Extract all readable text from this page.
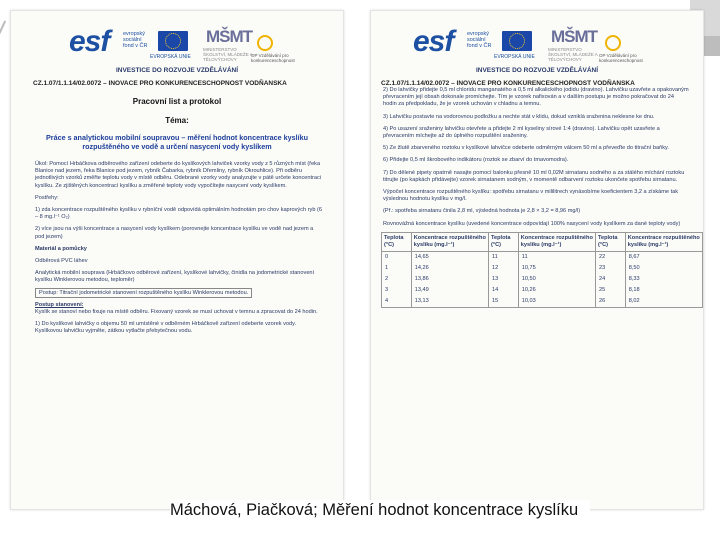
esf evropský sociální fond v ČR
EVROPSKÁ UNIE
MŠMT
MINISTERSTVO ŠKOLSTVÍ, MLÁDEŽE A TĚLOVÝCHOVY
OP Vzdělávání pro konkurenceschopnost
INVESTICE DO ROZVOJE VZDĚLÁVÁNÍ
CZ.1.07/1.1.14/02.0072 – INOVACE PRO KONKURENCESCHOPNOST VODŇANSKA
Pracovní list a protokol
Téma:
Práce s analytickou mobilní soupravou – měření hodnot koncentrace kyslíku rozpuštěného ve vodě a určení nasycení vody kyslíkem
Úkol: Pomocí Hrbáčkova odběrového zařízení odeberte do kyslíkových lahviček vzorky vody z 5 různých míst (řeka Blanice nad jezem, řeka Blanice pod jezem, rybník Čabarka, rybník Dřemliny, rybník Okrouhlice). Při odběru jednotlivých vzorků změřte teplotu vody v místě odběru. Odebrané vzorky vody analyzujte v pátě určete koncentraci kyslíku. Ze zjištěných koncentrací kyslíku a změřené teploty vody vypočítejte nasycení vody kyslíkem.
Postřehy:
1) zda koncentrace rozpuštěného kyslíku v rybníční vodě odpovídá optimálním hodnotám pro chov kaprových ryb (6 – 8 mg.l⁻¹ O₂)
2) více jsou na výši koncentrace a nasycení vody kyslíkem (porovnejte koncentrace kyslíku ve vodě nad jezem a pod jezem)
Materiál a pomůcky
Odběrová PVC láhev
Analytická mobilní souprava (Hrbáčkovo odběrové zařízení, kyslíkové lahvičky, činidla na jodometrické stanovení kyslíku Winklerovou metodou, teploměr)
Postup: Titrační jodometrické stanovení rozpuštěného kyslíku Winklerovou metodou.
Postup stanovení:
Kyslík se stanoví nebo fixuje na místě odběru. Fixovaný vzorek se musí uchovat v temnu a zpracovat do 24 hodin.
1) Do kyslíkové lahvičky o objemu 50 ml umístěné v odběrném Hrbáčkově zařízení odeberte vzorek vody. Kyslíkovou lahvičku vyjměte, zátkou vytlačte přebytečnou vodu.
esf evropský sociální fond v ČR
EVROPSKÁ UNIE
MŠMT
MINISTERSTVO ŠKOLSTVÍ, MLÁDEŽE A TĚLOVÝCHOVY
OP Vzdělávání pro konkurenceschopnost
INVESTICE DO ROZVOJE VZDĚLÁVÁNÍ
CZ.1.07/1.1.14/02.0072 – INOVACE PRO KONKURENCESCHOPNOST VODŇANSKA
2) Do lahvičky přidejte 0,5 ml chloridu manganatého a 0,5 ml alkalického jodidu (dravino). Lahvičku uzavřete a opakovaným převracením její obsah dokonale promíchejte. Tím je vzorek nafixován a v dalším postupu je možno pokračovat do 24 hodin za předpokladu, že je vzorek uchován v chladnu a temnu.
3) Lahvičku postavte na vodorovnou podložku a nechte stát v klidu, dokud vzniklá sraženina neklesne ke dnu.
4) Po usazení sraženiny lahvičku otevřete a přidejte 2 ml kyseliny sírové 1:4 (dravino). Lahvičku opět uzavřete a převracením míchejte až do úplného rozpuštění sraženiny.
5) Ze žlutě zbarveného roztoku v kyslíkové lahvičce odeberte odměrným válcem 50 ml a převeďte do titrační baňky.
6) Přidejte 0,5 ml škrobového indikátoru (roztok se zbarví do tmavomodra).
7) Do dělené pipety opatrně nasajte pomocí balonku přesně 10 ml 0,02M sirnatanu sodného a za stálého míchání roztoku titrujte (po kapkách přidávejte) vzorek sirnatanem sodným, v momentě odbarvení roztoku ukončete spotřebu sirnatanu.
Výpočet koncentrace rozpuštěného kyslíku: spotřebu sirnatanu v mililitrech vynásobíme koeficientem 3,2 a získáme tak výslednou hodnotu kyslíku v mg/l.
(Př.: spotřeba sirnatanu činila 2,8 ml, výsledná hodnota je 2,8 × 3,2 = 8,96 mg/l)
Rovnovážná koncentrace kyslíku (uvedené koncentrace odpovídají 100% nasycení vody kyslíkem za dané teploty vody)
Teplota (°C)	Koncentrace rozpuštěného kyslíku (mg.l⁻¹)	Teplota (°C)	Koncentrace rozpuštěného kyslíku (mg.l⁻¹)	Teplota (°C)	Koncentrace rozpuštěného kyslíku (mg.l⁻¹)
0	14,65	11	11	22	8,67
1	14,26	12	10,75	23	8,50
2	13,86	13	10,50	24	8,33
3	13,49	14	10,26	25	8,18
4	13,13	15	10,03	26	8,02
Máchová, Piačková; Měření hodnot koncentrace kyslíku
